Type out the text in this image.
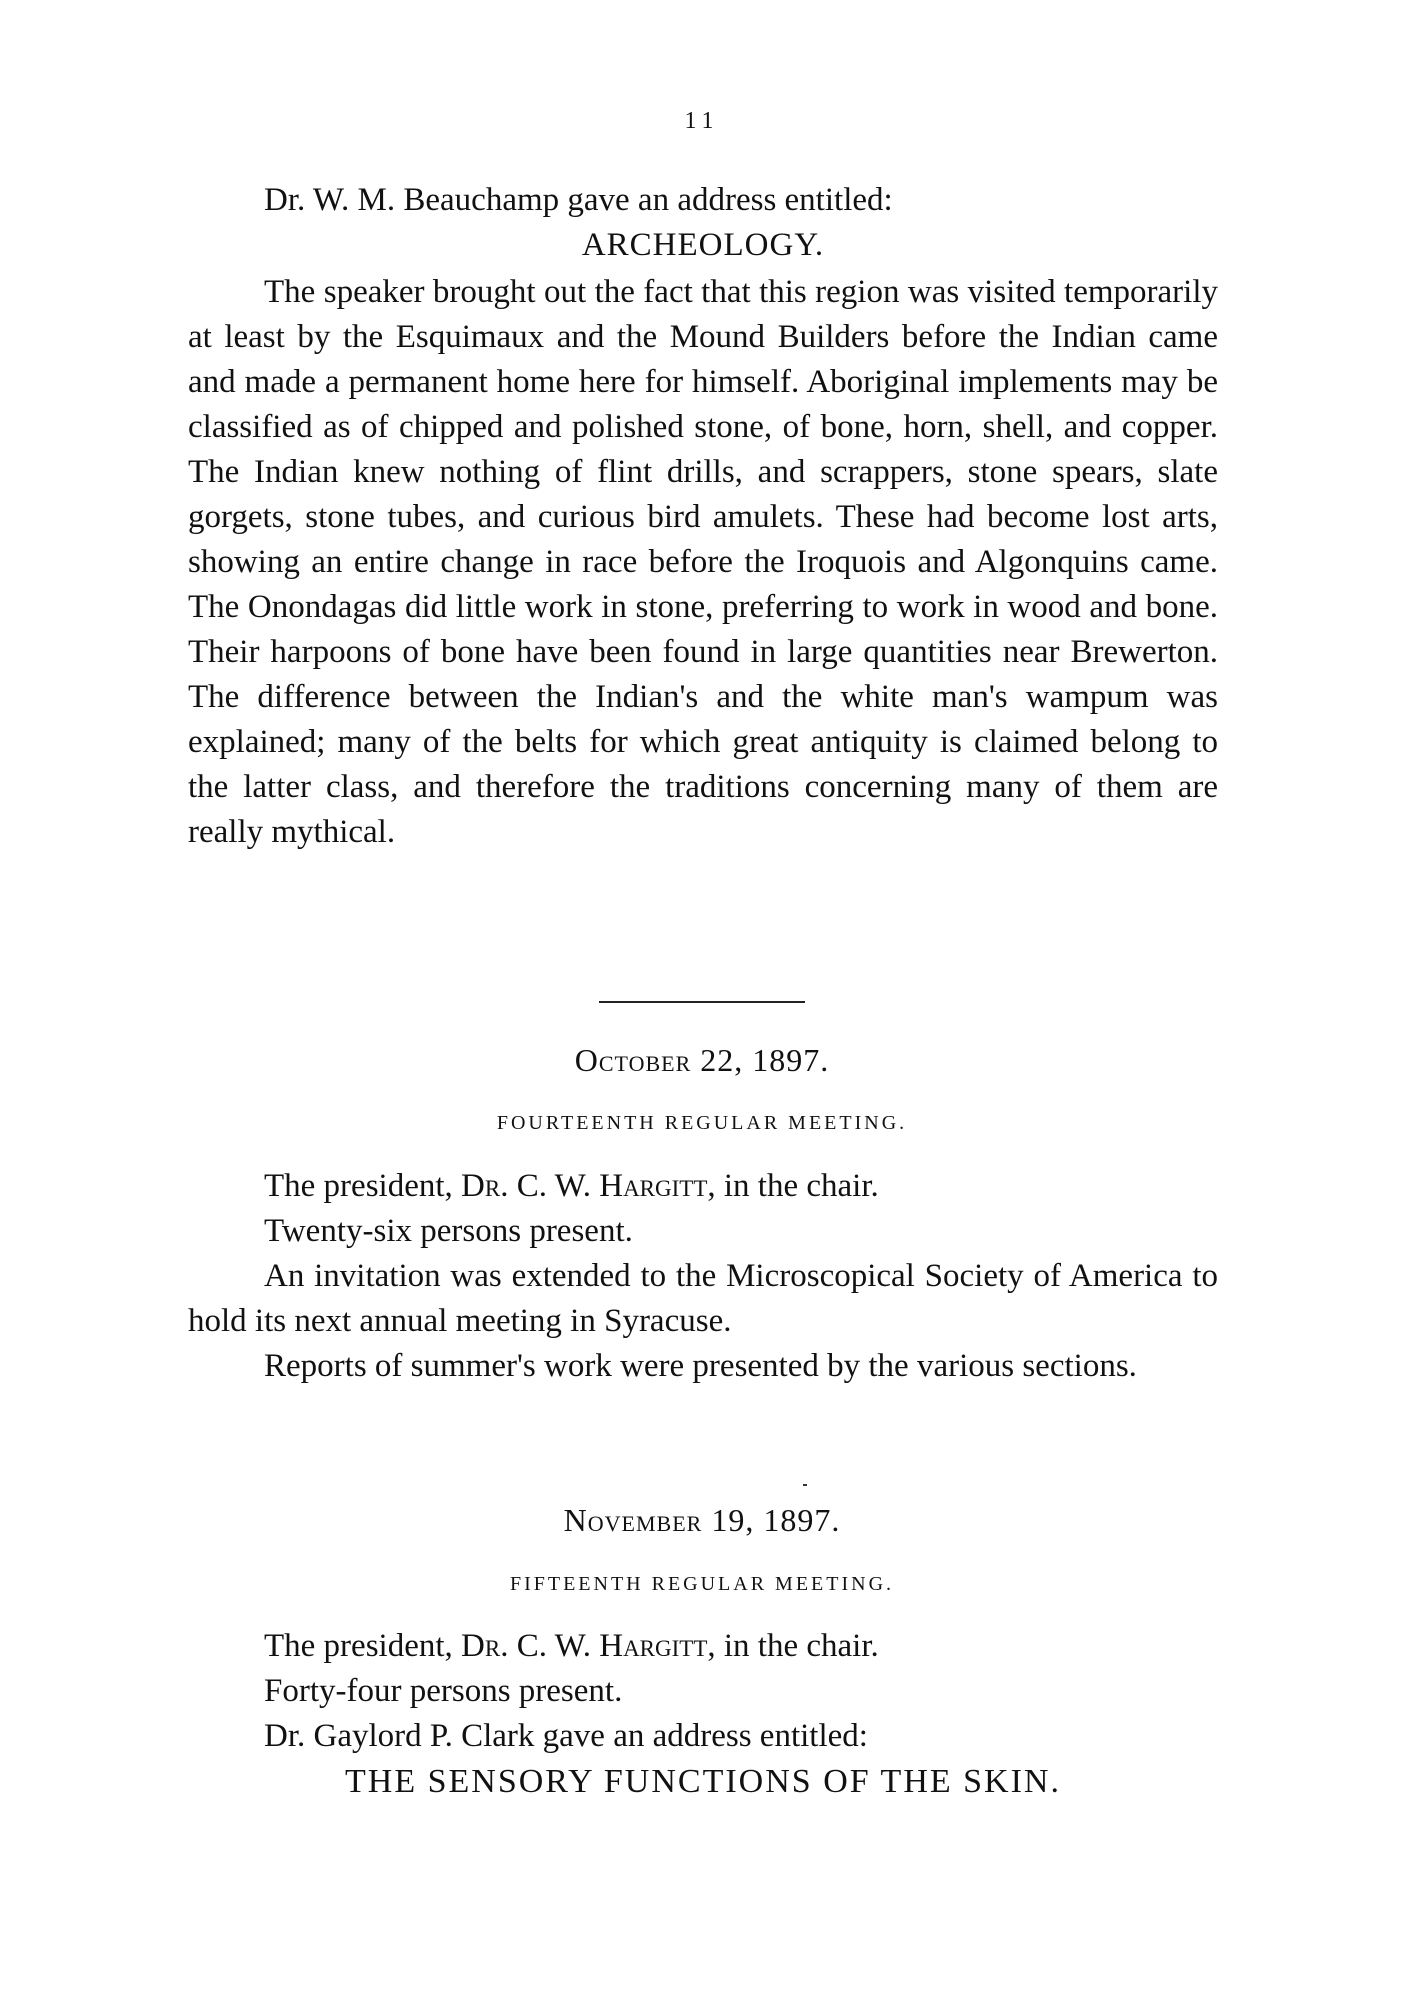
11

Dr. W. M. Beauchamp gave an address entitled:

ARCHEOLOGY.

The speaker brought out the fact that this region was visited temporarily at least by the Esquimaux and the Mound Builders before the Indian came and made a permanent home here for himself. Aboriginal implements may be classified as of chipped and polished stone, of bone, horn, shell, and copper. The Indian knew nothing of flint drills, and scrappers, stone spears, slate gorgets, stone tubes, and curious bird amulets. These had become lost arts, showing an entire change in race before the Iroquois and Algonquins came. The Onondagas did little work in stone, preferring to work in wood and bone. Their harpoons of bone have been found in large quantities near Brewerton. The difference between the Indian's and the white man's wampum was explained; many of the belts for which great antiquity is claimed belong to the latter class, and therefore the traditions concerning many of them are really mythical.

October 22, 1897.
FOURTEENTH REGULAR MEETING.

The president, Dr. C. W. Hargitt, in the chair.

Twenty-six persons present.

An invitation was extended to the Microscopical Society of America to hold its next annual meeting in Syracuse.

Reports of summer's work were presented by the various sections.

November 19, 1897.
FIFTEENTH REGULAR MEETING.

The president, Dr. C. W. Hargitt, in the chair.

Forty-four persons present.

Dr. Gaylord P. Clark gave an address entitled:

THE SENSORY FUNCTIONS OF THE SKIN.
